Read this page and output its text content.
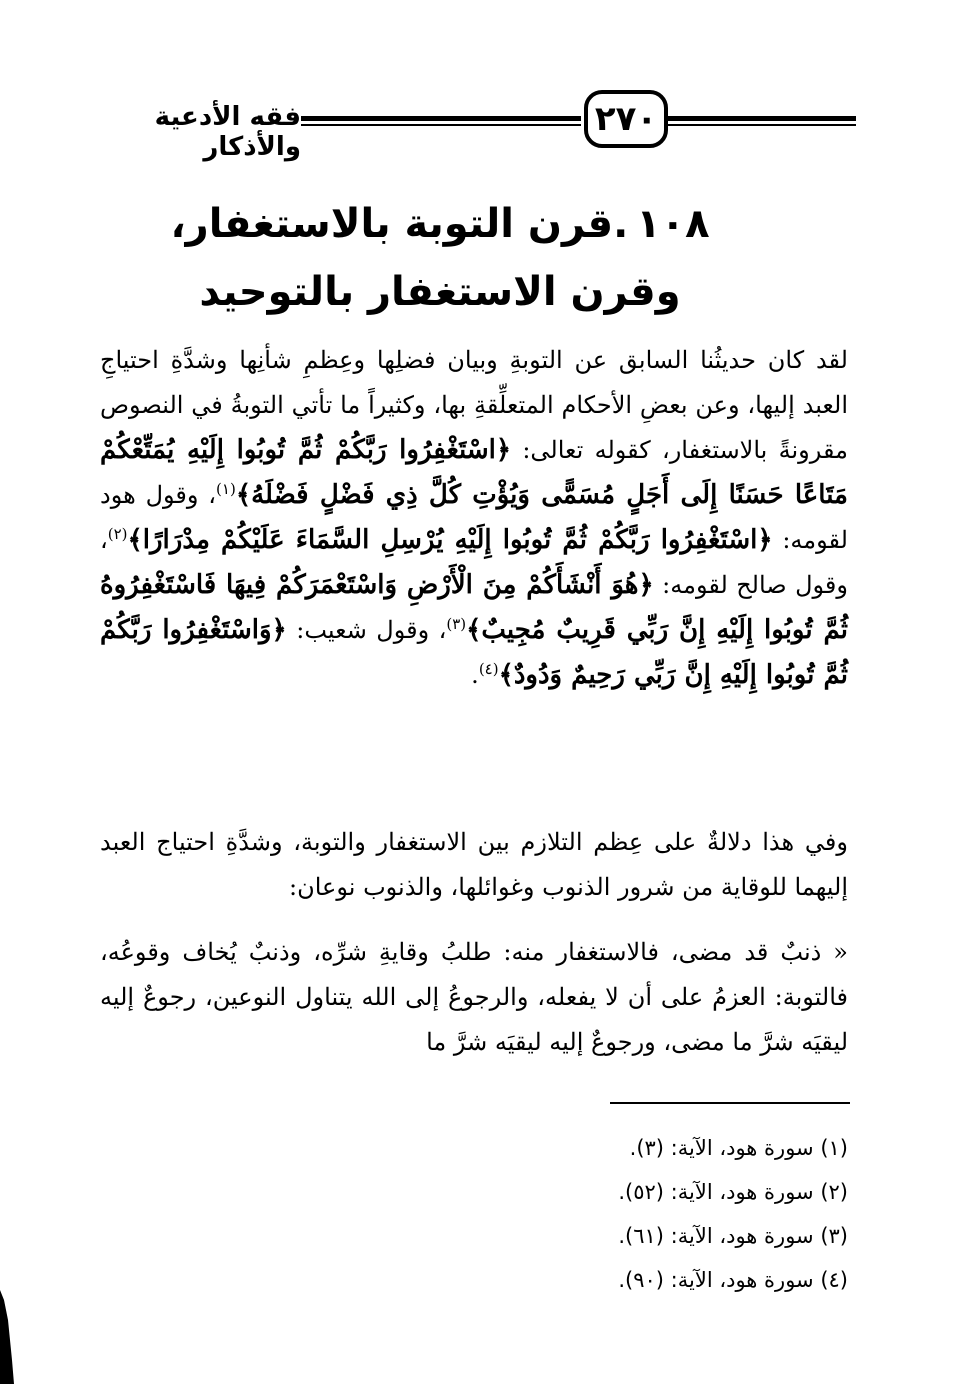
٢٧٠
فقه الأدعية والأذكار
١٠٨.قرن التوبة بالاستغفار، وقرن الاستغفار بالتوحيد
لقد كان حديثُنا السابق عن التوبةِ وبيان فضلِها وعِظمِ شأنِها وشدَّةِ احتياجِ العبد إليها، وعن بعضِ الأحكام المتعلِّقةِ بها، وكثيراً ما تأتي التوبةُ في النصوص مقرونةً بالاستغفار، كقوله تعالى: ﴿اسْتَغْفِرُوا رَبَّكُمْ ثُمَّ تُوبُوا إِلَيْهِ يُمَتِّعْكُمْ مَتَاعًا حَسَنًا إِلَى أَجَلٍ مُسَمًّى وَيُؤْتِ كُلَّ ذِي فَضْلٍ فَضْلَهُ﴾$^{(١)}$، وقول هود لقومه: ﴿اسْتَغْفِرُوا رَبَّكُمْ ثُمَّ تُوبُوا إِلَيْهِ يُرْسِلِ السَّمَاءَ عَلَيْكُمْ مِدْرَارًا﴾$^{(٢)}$، وقول صالح لقومه: ﴿هُوَ أَنْشَأَكُمْ مِنَ الْأَرْضِ وَاسْتَعْمَرَكُمْ فِيهَا فَاسْتَغْفِرُوهُ ثُمَّ تُوبُوا إِلَيْهِ إِنَّ رَبِّي قَرِيبٌ مُجِيبٌ﴾$^{(٣)}$، وقول شعيب: ﴿وَاسْتَغْفِرُوا رَبَّكُمْ ثُمَّ تُوبُوا إِلَيْهِ إِنَّ رَبِّي رَحِيمٌ وَدُودٌ﴾$^{(٤)}$.
وفي هذا دلالةٌ على عِظم التلازم بين الاستغفار والتوبة، وشدَّةِ احتياج العبد إليهما للوقاية من شرور الذنوب وغوائلها، والذنوب نوعان:
« ذنبٌ قد مضى، فالاستغفار منه: طلبُ وقايةِ شرِّه، وذنبٌ يُخاف وقوعُه، فالتوبة: العزمُ على أن لا يفعله، والرجوعُ إلى الله يتناول النوعين، رجوعٌ إليه ليقيَه شرَّ ما مضى، ورجوعٌ إليه ليقيَه شرَّ ما
(١) سورة هود، الآية: (٣).
(٢) سورة هود، الآية: (٥٢).
(٣) سورة هود، الآية: (٦١).
(٤) سورة هود، الآية: (٩٠).
